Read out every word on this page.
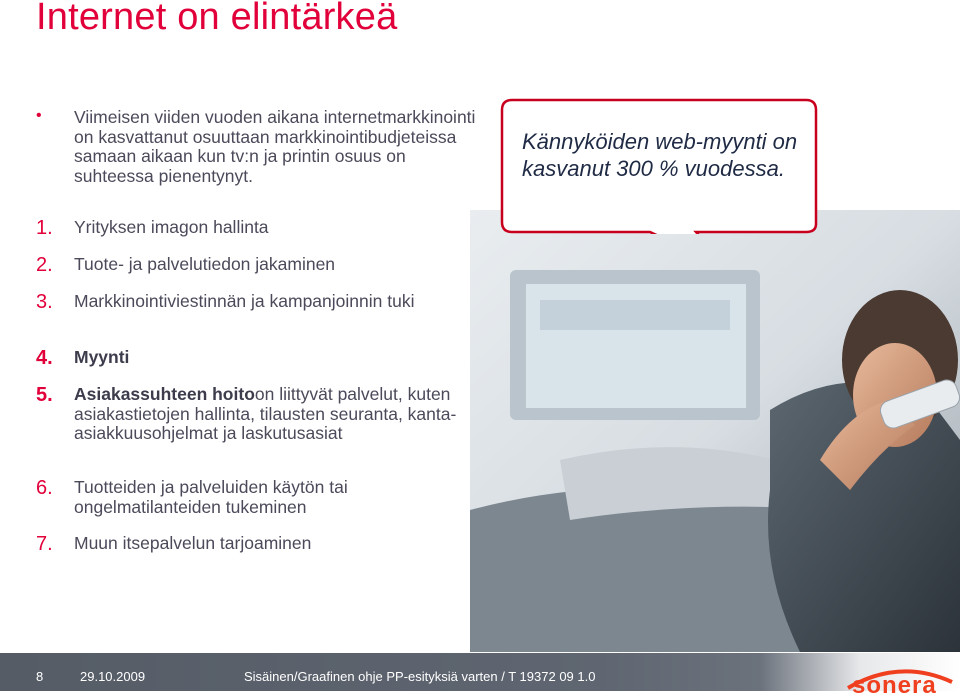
Internet on elintärkeä
Kännyköiden web-myynti on kasvanut 300 % vuodessa.
• Viimeisen viiden vuoden aikana internetmarkkinointi on kasvattanut osuuttaan markkinointibudjeteissa samaan aikaan kun tv:n ja printin osuus on suhteessa pienentynyt.
1. Yrityksen imagon hallinta
2. Tuote- ja palvelutiedon jakaminen
3. Markkinointiviestinnän ja kampanjoinnin tuki
4. Myynti
5. Asiakassuhteen hoitoon liittyvät palvelut, kuten asiakastietojen hallinta, tilausten seuranta, kanta-asiakkuusohjelmat ja laskutusasiat
6. Tuotteiden ja palveluiden käytön tai ongelmatilanteiden tukeminen
7. Muun itsepalvelun tarjoaminen
8	29.10.2009	Sisäinen/Graafinen ohje PP-esityksiä varten / T 19372 09 1.0	sonera
